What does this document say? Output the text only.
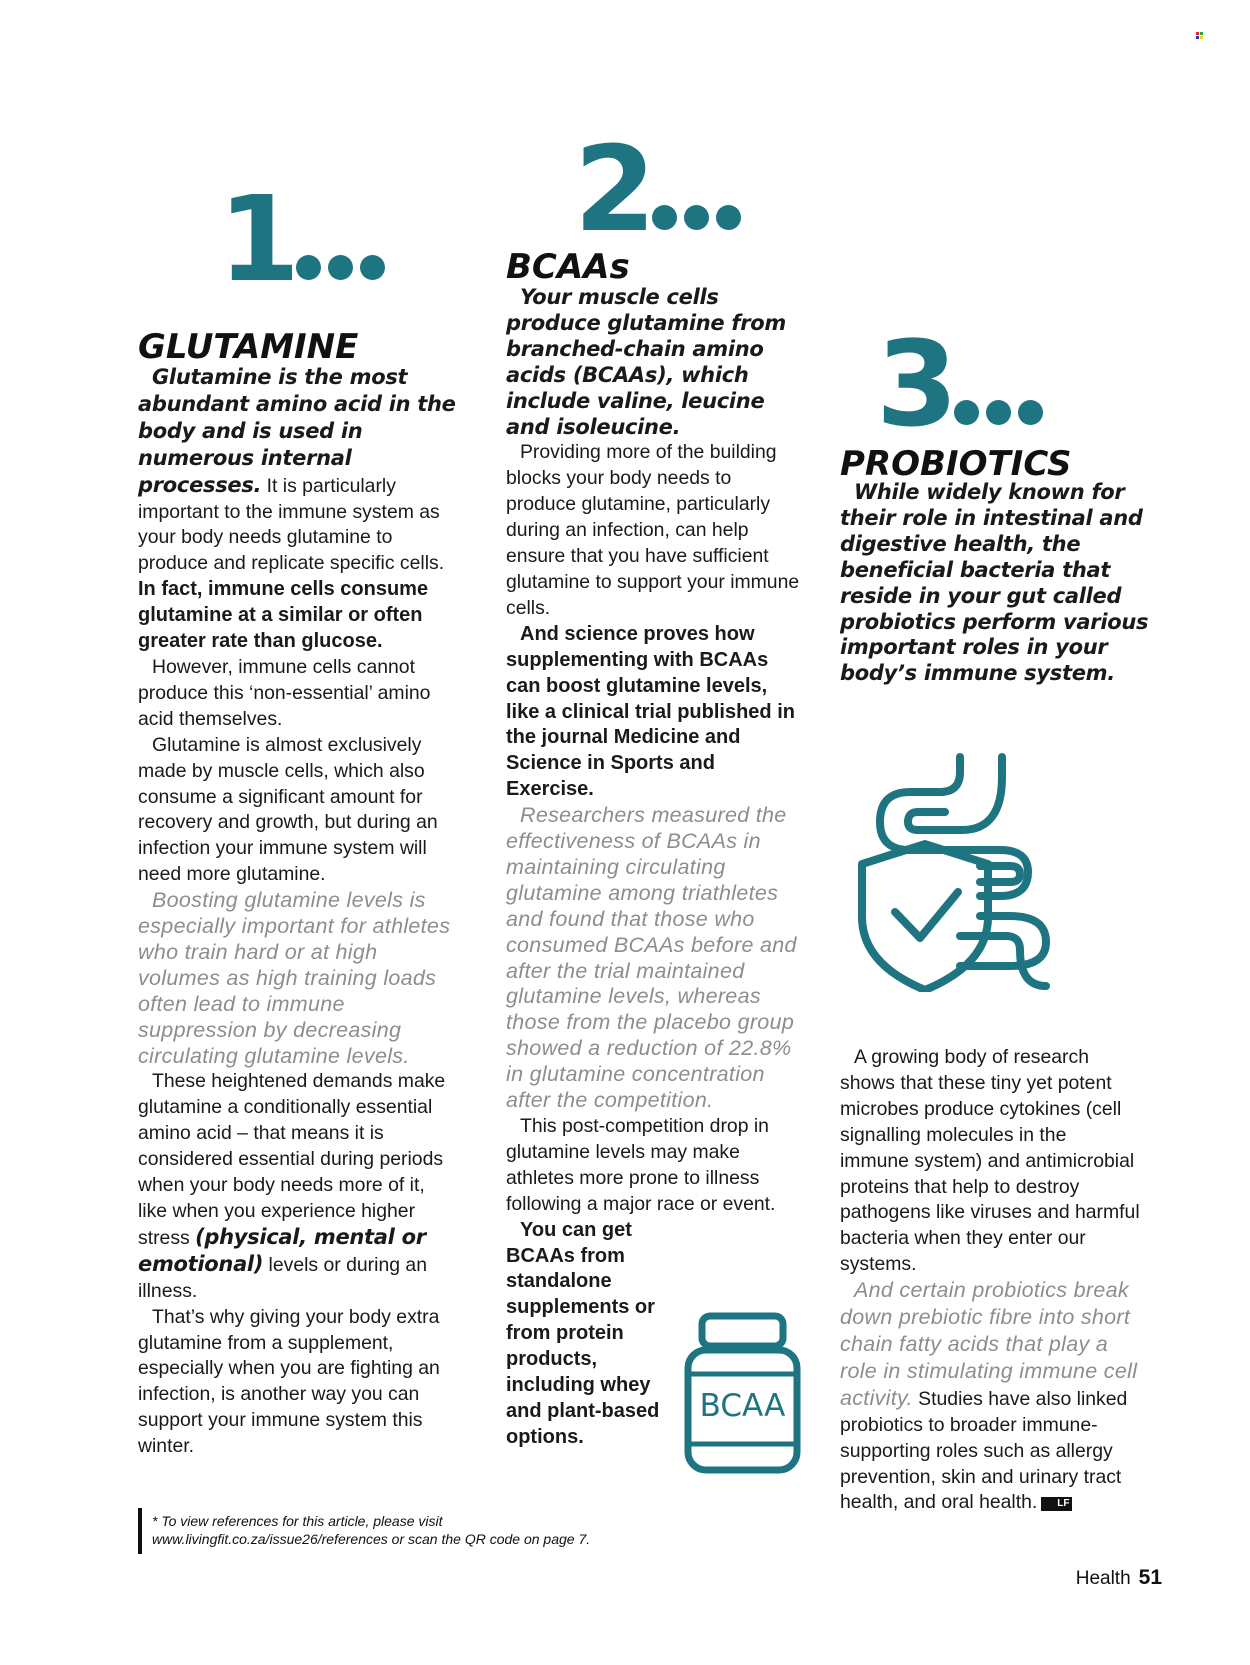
1
GLUTAMINE

Glutamine is the most abundant amino acid in the body and is used in numerous internal processes. It is particularly important to the immune system as your body needs glutamine to produce and replicate specific cells. In fact, immune cells consume glutamine at a similar or often greater rate than glucose.

However, immune cells cannot produce this ‘non-essential’ amino acid themselves.

Glutamine is almost exclusively made by muscle cells, which also consume a significant amount for recovery and growth, but during an infection your immune system will need more glutamine.

Boosting glutamine levels is especially important for athletes who train hard or at high volumes as high training loads often lead to immune suppression by decreasing circulating glutamine levels.

These heightened demands make glutamine a conditionally essential amino acid – that means it is considered essential during periods when your body needs more of it, like when you experience higher stress (physical, mental or emotional) levels or during an illness.

That’s why giving your body extra glutamine from a supplement, especially when you are fighting an infection, is another way you can support your immune system this winter.

2
BCAAs

Your muscle cells produce glutamine from branched-chain amino acids (BCAAs), which include valine, leucine and isoleucine.

Providing more of the building blocks your body needs to produce glutamine, particularly during an infection, can help ensure that you have sufficient glutamine to support your immune cells.

And science proves how supplementing with BCAAs can boost glutamine levels, like a clinical trial published in the journal Medicine and Science in Sports and Exercise.

Researchers measured the effectiveness of BCAAs in maintaining circulating glutamine among triathletes and found that those who consumed BCAAs before and after the trial maintained glutamine levels, whereas those from the placebo group showed a reduction of 22.8% in glutamine concentration after the competition.

This post-competition drop in glutamine levels may make athletes more prone to illness following a major race or event.

You can get BCAAs from standalone supplements or from protein products, including whey and plant-based options.

BCAA
3
PROBIOTICS

While widely known for their role in intestinal and digestive health, the beneficial bacteria that reside in your gut called probiotics perform various important roles in your body’s immune system.

A growing body of research shows that these tiny yet potent microbes produce cytokines (cell signalling molecules in the immune system) and antimicrobial proteins that help to destroy pathogens like viruses and harmful bacteria when they enter our systems.

And certain probiotics break down prebiotic fibre into short chain fatty acids that play a role in stimulating immune cell activity. Studies have also linked probiotics to broader immune-supporting roles such as allergy prevention, skin and urinary tract health, and oral health. LF

* To view references for this article, please visit
www.livingfit.co.za/issue26/references or scan the QR code on page 7.
Health 51
